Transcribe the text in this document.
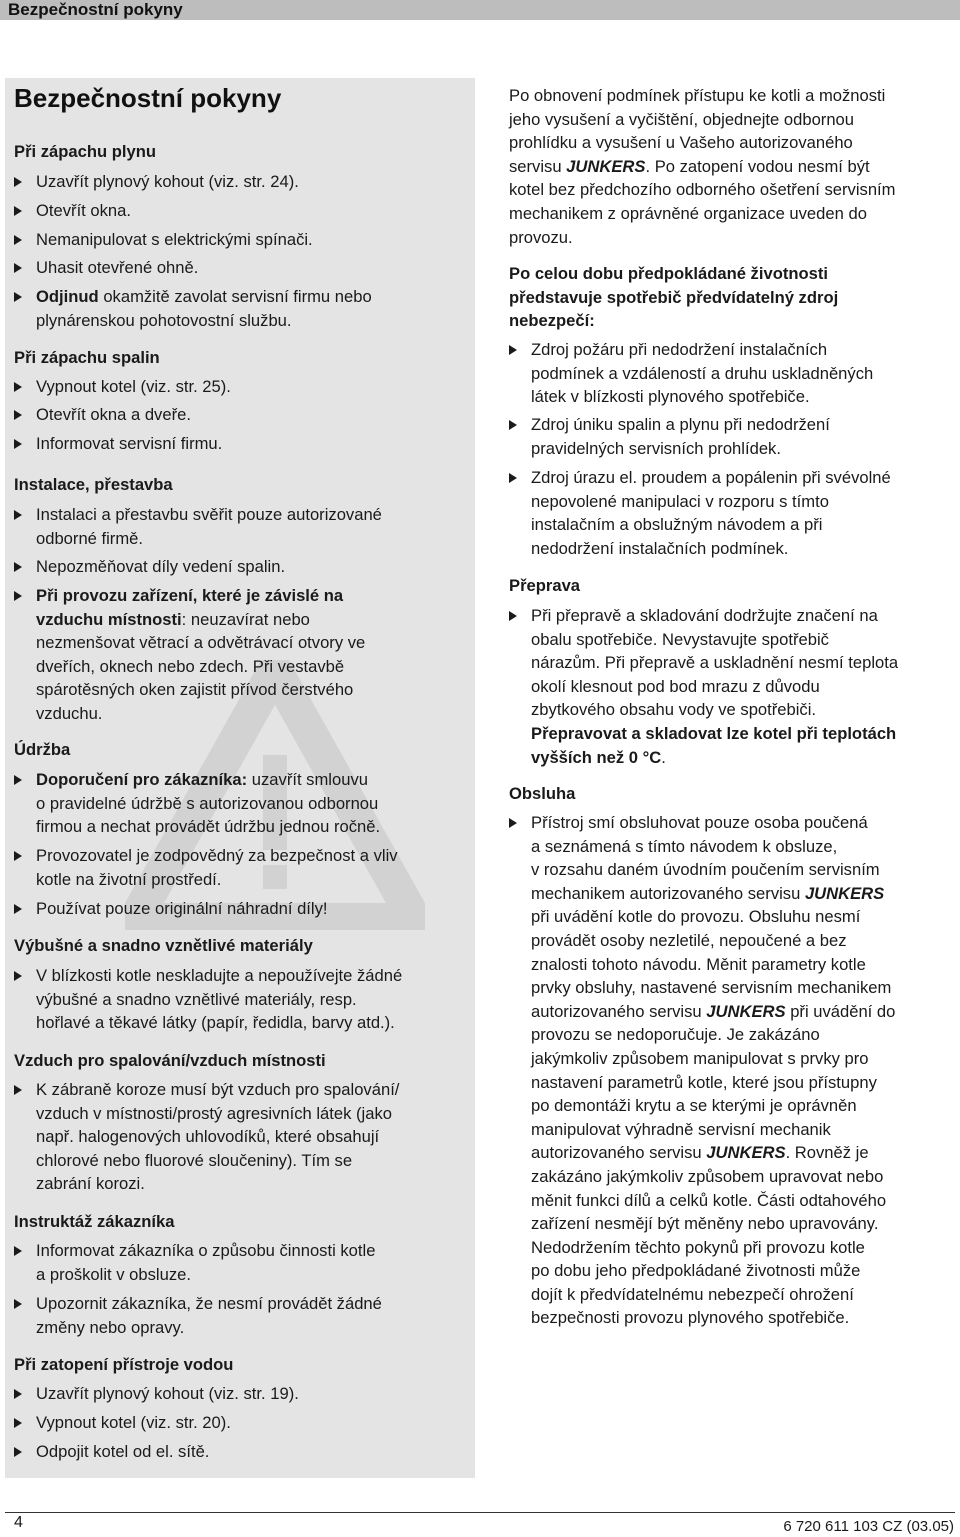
Bezpečnostní pokyny
Bezpečnostní pokyny
Při zápachu plynu
Uzavřít plynový kohout (viz. str. 24).
Otevřít okna.
Nemanipulovat s elektrickými spínači.
Uhasit otevřené ohně.
Odjinud okamžitě zavolat servisní firmu nebo
plynárenskou pohotovostní službu.
Při zápachu spalin
Vypnout kotel (viz. str. 25).
Otevřít okna a dveře.
Informovat servisní firmu.
Instalace, přestavba
Instalaci a přestavbu svěřit pouze autorizované
odborné firmě.
Nepozměňovat díly vedení spalin.
Při provozu zařízení, které je závislé na
vzduchu místnosti: neuzavírat nebo
nezmenšovat větrací a odvětrávací otvory ve
dveřích, oknech nebo zdech. Při vestavbě
spárotěsných oken zajistit přívod čerstvého
vzduchu.
Údržba
Doporučení pro zákazníka: uzavřít smlouvu
o pravidelné údržbě s autorizovanou odbornou
firmou a nechat provádět údržbu jednou ročně.
Provozovatel je zodpovědný za bezpečnost a vliv
kotle na životní prostředí.
Používat pouze originální náhradní díly!
Výbušné a snadno vznětlivé materiály
V blízkosti kotle neskladujte a nepoužívejte žádné
výbušné a snadno vznětlivé materiály, resp.
hořlavé a těkavé látky (papír, ředidla, barvy atd.).
Vzduch pro spalování/vzduch místnosti
K zábraně koroze musí být vzduch pro spalování/
vzduch v místnosti/prostý agresivních látek (jako
např. halogenových uhlovodíků, které obsahují
chlorové nebo fluorové sloučeniny). Tím se
zabrání korozi.
Instruktáž zákazníka
Informovat zákazníka o způsobu činnosti kotle
a proškolit v obsluze.
Upozornit zákazníka, že nesmí provádět žádné
změny nebo opravy.
Při zatopení přístroje vodou
Uzavřít plynový kohout (viz. str. 19).
Vypnout kotel (viz. str. 20).
Odpojit kotel od el. sítě.
Po obnovení podmínek přístupu ke kotli a možnosti
jeho vysušení a vyčištění, objednejte odbornou
prohlídku a vysušení u Vašeho autorizovaného
servisu JUNKERS. Po zatopení vodou nesmí být
kotel bez předchozího odborného ošetření servisním
mechanikem z oprávněné organizace uveden do
provozu.
Po celou dobu předpokládané životnosti
představuje spotřebič předvídatelný zdroj
nebezpečí:
Zdroj požáru při nedodržení instalačních
podmínek a vzdáleností a druhu uskladněných
látek v blízkosti plynového spotřebiče.
Zdroj úniku spalin a plynu při nedodržení
pravidelných servisních prohlídek.
Zdroj úrazu el. proudem a popálenin při svévolné
nepovolené manipulaci v rozporu s tímto
instalačním a obslužným návodem a při
nedodržení instalačních podmínek.
Přeprava
Při přepravě a skladování dodržujte značení na
obalu spotřebiče. Nevystavujte spotřebič
nárazům. Při přepravě a uskladnění nesmí teplota
okolí klesnout pod bod mrazu z důvodu
zbytkového obsahu vody ve spotřebiči.
Přepravovat a skladovat lze kotel při teplotách
vyšších než 0 °C.
Obsluha
Přístroj smí obsluhovat pouze osoba poučená
a seznámená s tímto návodem k obsluze,
v rozsahu daném úvodním poučením servisním
mechanikem autorizovaného servisu JUNKERS
při uvádění kotle do provozu. Obsluhu nesmí
provádět osoby nezletilé, nepoučené a bez
znalosti tohoto návodu. Měnit parametry kotle
prvky obsluhy, nastavené servisním mechanikem
autorizovaného servisu JUNKERS při uvádění do
provozu se nedoporučuje. Je zakázáno
jakýmkoliv způsobem manipulovat s prvky pro
nastavení parametrů kotle, které jsou přístupny
po demontáži krytu a se kterými je oprávněn
manipulovat výhradně servisní mechanik
autorizovaného servisu JUNKERS. Rovněž je
zakázáno jakýmkoliv způsobem upravovat nebo
měnit funkci dílů a celků kotle. Části odtahového
zařízení nesmějí být měněny nebo upravovány.
Nedodržením těchto pokynů při provozu kotle
po dobu jeho předpokládané životnosti může
dojít k předvídatelnému nebezpečí ohrožení
bezpečnosti provozu plynového spotřebiče.
4	6 720 611 103 CZ (03.05)
